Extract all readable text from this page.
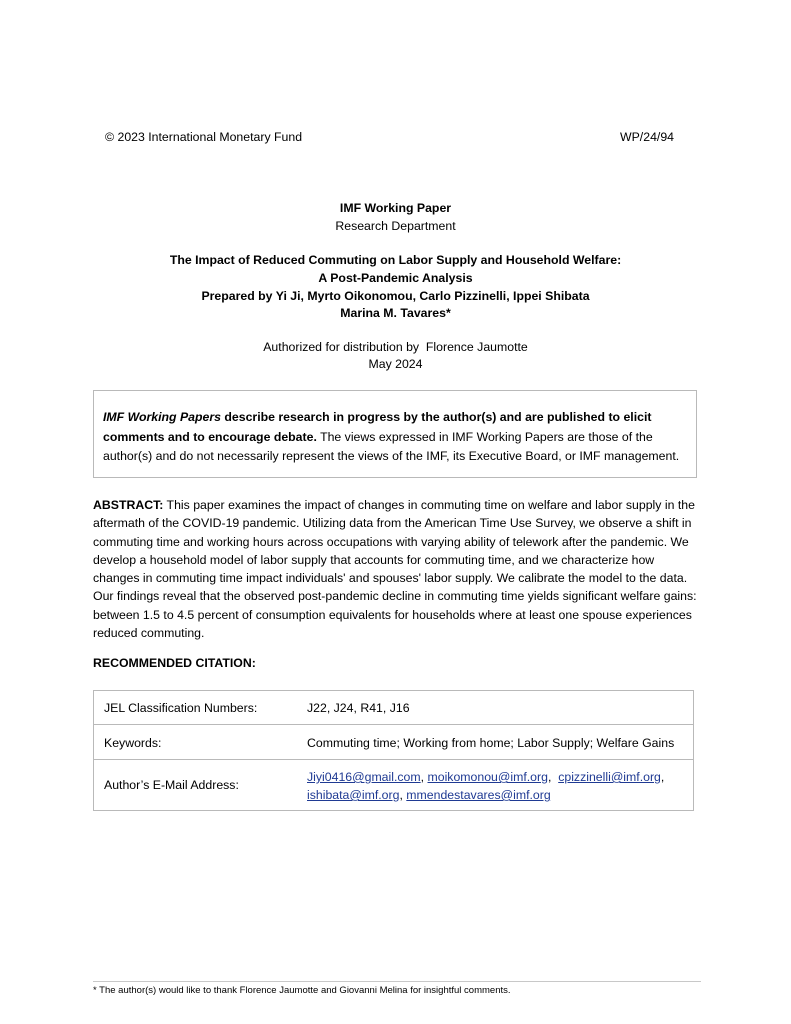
© 2023 International Monetary Fund	WP/24/94
IMF Working Paper
Research Department
The Impact of Reduced Commuting on Labor Supply and Household Welfare:
A Post-Pandemic Analysis
Prepared by Yi Ji, Myrto Oikonomou, Carlo Pizzinelli, Ippei Shibata
Marina M. Tavares*
Authorized for distribution by  Florence Jaumotte
May 2024
IMF Working Papers describe research in progress by the author(s) and are published to elicit comments and to encourage debate. The views expressed in IMF Working Papers are those of the author(s) and do not necessarily represent the views of the IMF, its Executive Board, or IMF management.
ABSTRACT: This paper examines the impact of changes in commuting time on welfare and labor supply in the aftermath of the COVID-19 pandemic. Utilizing data from the American Time Use Survey, we observe a shift in commuting time and working hours across occupations with varying ability of telework after the pandemic. We develop a household model of labor supply that accounts for commuting time, and we characterize how changes in commuting time impact individuals' and spouses' labor supply. We calibrate the model to the data. Our findings reveal that the observed post-pandemic decline in commuting time yields significant welfare gains: between 1.5 to 4.5 percent of consumption equivalents for households where at least one spouse experiences reduced commuting.
RECOMMENDED CITATION:
JEL Classification Numbers:	J22, J24, R41, J16
Keywords:	Commuting time; Working from home; Labor Supply; Welfare Gains
Author’s E-Mail Address:
Jiyi0416@gmail.com, moikomonou@imf.org,  cpizzinelli@imf.org,
ishibata@imf.org, mmendestavares@imf.org
* The author(s) would like to thank Florence Jaumotte and Giovanni Melina for insightful comments.
